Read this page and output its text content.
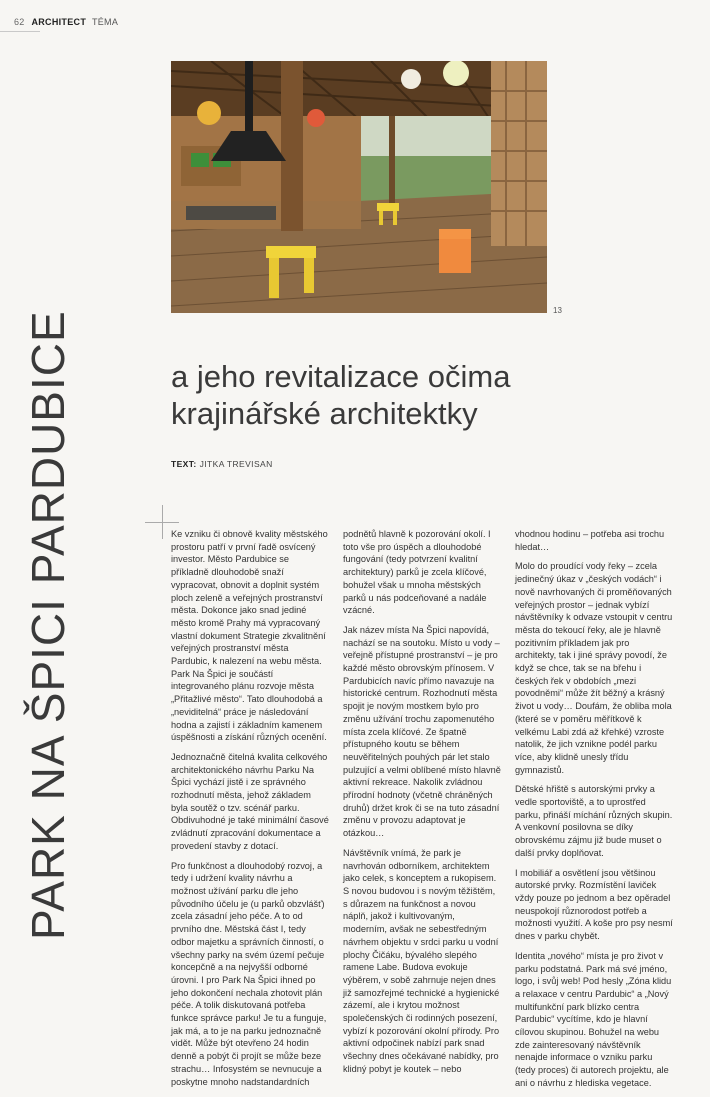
62 ARCHITECT TÉMA
13
PARK NA ŠPICI PARDUBICE	a jeho revitalizace očima
krajinářské architektky
TEXT: JITKA TREVISAN

Ke vzniku či obnově kvality městského prostoru patří v první řadě osvícený investor. Město Pardubice se příkladně dlouhodobě snaží vypracovat, obnovit a doplnit systém ploch zeleně a veřejných prostranství města. Dokonce jako snad jediné město kromě Prahy má vypracovaný vlastní dokument Strategie zkvalitnění veřejných prostranství města Pardubic, k nalezení na webu města. Park Na Špici je součástí integrovaného plánu rozvoje města „Přitažlivé město“. Tato dlouhodobá a „neviditelná“ práce je následování hodna a zajistí i základním kamenem úspěšnosti a získání různých ocenění.

Jednoznačně čitelná kvalita celkového architektonického návrhu Parku Na Špici vychází jistě i ze správného rozhodnutí města, jehož základem byla soutěž o tzv. scénář parku. Obdivuhodné je také minimální časové zvládnutí zpracování dokumentace a provedení stavby z dotací.

Pro funkčnost a dlouhodobý rozvoj, a tedy i udržení kvality návrhu a možnost užívání parku dle jeho původního účelu je (u parků obzvlášť) zcela zásadní jeho péče. A to od prvního dne. Městská část I, tedy odbor majetku a správních činností, o všechny parky na svém území pečuje koncepčně a na nejvyšší odborné úrovni. I pro Park Na Špici ihned po jeho dokončení nechala zhotovit plán péče. A tolik diskutovaná potřeba funkce správce parku! Je tu a funguje, jak má, a to je na parku jednoznačně vidět. Může být otevřeno 24 hodin denně a pobýt či projít se může beze strachu… Infosystém se nevnucuje a poskytne mnoho nadstandardních

podnětů hlavně k pozorování okolí. I toto vše pro úspěch a dlouhodobé fungování (tedy potvrzení kvalitní architektury) parků je zcela klíčové, bohužel však u mnoha městských parků u nás podceňované a nadále vzácné.

Jak název místa Na Špici napovídá, nachází se na soutoku. Místo u vody – veřejně přístupné prostranství – je pro každé město obrovským přínosem. V Pardubicích navíc přímo navazuje na historické centrum. Rozhodnutí města spojit je novým mostkem bylo pro změnu užívání trochu zapomenutého místa zcela klíčové. Ze špatně přístupného koutu se během neuvěřitelných pouhých pár let stalo pulzující a velmi oblíbené místo hlavně aktivní rekreace. Nakolik zvládnou přírodní hodnoty (včetně chráněných druhů) držet krok či se na tuto zásadní změnu v provozu adaptovat je otázkou…

Návštěvník vnímá, že park je navrhován odborníkem, architektem jako celek, s konceptem a rukopisem. S novou budovou i s novým těžištěm, s důrazem na funkčnost a novou náplň, jakož i kultivovaným, moderním, avšak ne sebestředným návrhem objektu v srdci parku u vodní plochy Čičáku, bývalého slepého ramene Labe. Budova evokuje výběrem, v sobě zahrnuje nejen dnes již samozřejmé technické a hygienické zázemí, ale i krytou možnost společenských či rodinných posezení, vybízí k pozorování okolní přírody. Pro aktivní odpočinek nabízí park snad všechny dnes očekávané nabídky, pro klidný pobyt je koutek – nebo

vhodnou hodinu – potřeba asi trochu hledat…

Molo do proudící vody řeky – zcela jedinečný úkaz v „českých vodách“ i nově navrhovaných či proměňovaných veřejných prostor – jednak vybízí návštěvníky k odvaze vstoupit v centru města do tekoucí řeky, ale je hlavně pozitivním příkladem jak pro architekty, tak i jiné správy povodí, že když se chce, tak se na břehu i českých řek v obdobích „mezi povodněmi“ může žít běžný a krásný život u vody… Doufám, že obliba mola (které se v poměru měřítkově k velkému Labi zdá až křehké) vzroste natolik, že jich vznikne podél parku více, aby klidně unesly třídu gymnazistů.

Dětské hřiště s autorskými prvky a vedle sportoviště, a to uprostřed parku, přináší míchání různých skupin. A venkovní posilovna se díky obrovskému zájmu již bude muset o další prvky doplňovat.

I mobiliář a osvětlení jsou většinou autorské prvky. Rozmístění laviček vždy pouze po jednom a bez opěradel neuspokojí různorodost potřeb a možnosti využití. A koše pro psy nesmí dnes v parku chybět.

Identita „nového“ místa je pro život v parku podstatná. Park má své jméno, logo, i svůj web! Pod hesly „Zóna klidu a relaxace v centru Pardubic“ a „Nový multifunkční park blízko centra Pardubic“ vycítíme, kdo je hlavní cílovou skupinou. Bohužel na webu zde zainteresovaný návštěvník nenajde informace o vzniku parku (tedy proces) či autorech projektu, ale ani o návrhu z hlediska vegetace.
